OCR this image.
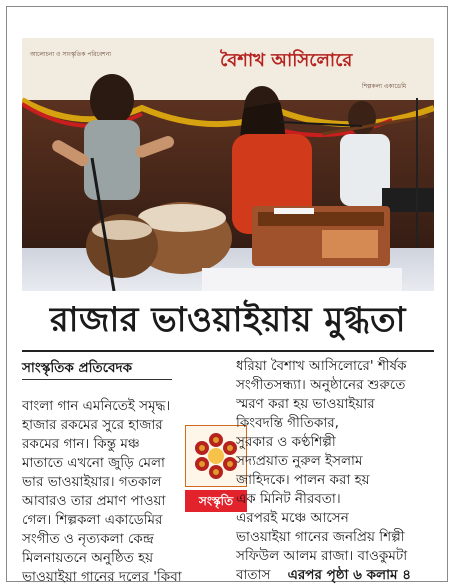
আলোচনা ও সাংস্কৃতিক পরিবেশনা
শিল্পকলা একাডেমি
বৈশাখ আসিলোরে
রাজার ভাওয়াইয়ায় মুগ্ধতা
সাংস্কৃতিক প্রতিবেদক
বাংলা গান এমনিতেই সমৃদ্ধ।
হাজার রকমের সুরে হাজার
রকমের গান। কিন্তু মঞ্চ
মাতাতে এখনো জুড়ি মেলা
ভার ভাওয়াইয়ার। গতকাল
আবারও তার প্রমাণ পাওয়া
গেল। শিল্পকলা একাডেমির
সংগীত ও নৃত্যকলা কেন্দ্র
মিলনায়তনে অনুষ্ঠিত হয়
ভাওয়াইয়া গানের দলের 'কিবা
সংস্কৃতি
ধরিয়া বৈশাখ আসিলোরে' শীর্ষক
সংগীতসন্ধ্যা। অনুষ্ঠানের শুরুতে
স্মরণ করা হয় ভাওয়াইয়ার
কিংবদন্তি গীতিকার,
সুরকার ও কণ্ঠশিল্পী
সদ্যপ্রয়াত নুরুল ইসলাম
জাহিদকে। পালন করা হয়
এক মিনিট নীরবতা।
এরপরই মঞ্চে আসেন
ভাওয়াইয়া গানের জনপ্রিয় শিল্পী
সফিউল আলম রাজা। বাওকুমটা
বাতাস এরপর পৃষ্ঠা ৬ কলাম ৪
